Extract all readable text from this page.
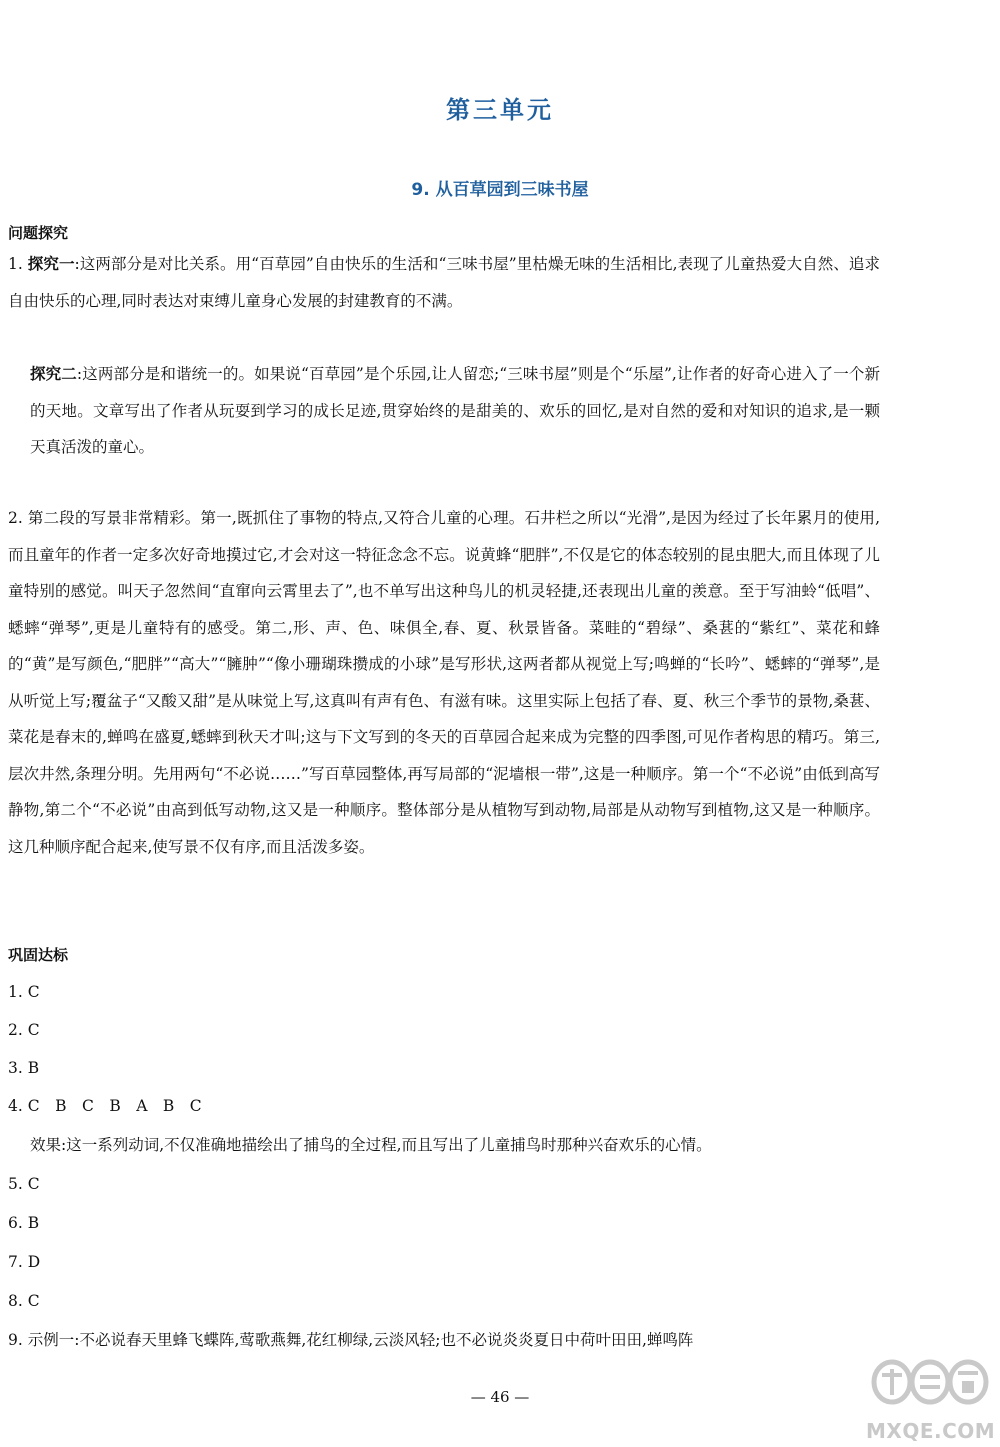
第三单元
9. 从百草园到三味书屋
问题探究

1. 探究一:这两部分是对比关系。用“百草园”自由快乐的生活和“三味书屋”里枯燥无味的生活相比,表现了儿童热爱大自然、追求自由快乐的心理,同时表达对束缚儿童身心发展的封建教育的不满。

探究二:这两部分是和谐统一的。如果说“百草园”是个乐园,让人留恋;“三味书屋”则是个“乐屋”,让作者的好奇心进入了一个新的天地。文章写出了作者从玩耍到学习的成长足迹,贯穿始终的是甜美的、欢乐的回忆,是对自然的爱和对知识的追求,是一颗天真活泼的童心。

2. 第二段的写景非常精彩。第一,既抓住了事物的特点,又符合儿童的心理。石井栏之所以“光滑”,是因为经过了长年累月的使用,而且童年的作者一定多次好奇地摸过它,才会对这一特征念念不忘。说黄蜂“肥胖”,不仅是它的体态较别的昆虫肥大,而且体现了儿童特别的感觉。叫天子忽然间“直窜向云霄里去了”,也不单写出这种鸟儿的机灵轻捷,还表现出儿童的羡意。至于写油蛉“低唱”、蟋蟀“弹琴”,更是儿童特有的感受。第二,形、声、色、味俱全,春、夏、秋景皆备。菜畦的“碧绿”、桑葚的“紫红”、菜花和蜂的“黄”是写颜色,“肥胖”“高大”“臃肿”“像小珊瑚珠攒成的小球”是写形状,这两者都从视觉上写;鸣蝉的“长吟”、蟋蟀的“弹琴”,是从听觉上写;覆盆子“又酸又甜”是从味觉上写,这真叫有声有色、有滋有味。这里实际上包括了春、夏、秋三个季节的景物,桑葚、菜花是春末的,蝉鸣在盛夏,蟋蟀到秋天才叫;这与下文写到的冬天的百草园合起来成为完整的四季图,可见作者构思的精巧。第三,层次井然,条理分明。先用两句“不必说……”写百草园整体,再写局部的“泥墙根一带”,这是一种顺序。第一个“不必说”由低到高写静物,第二个“不必说”由高到低写动物,这又是一种顺序。整体部分是从植物写到动物,局部是从动物写到植物,这又是一种顺序。这几种顺序配合起来,使写景不仅有序,而且活泼多姿。

巩固达标
1. C
2. C
3. B
4. C　B　C　B　A　B　C
效果:这一系列动词,不仅准确地描绘出了捕鸟的全过程,而且写出了儿童捕鸟时那种兴奋欢乐的心情。
5. C
6. B
7. D
8. C
9. 示例一:不必说春天里蜂飞蝶阵,莺歌燕舞,花红柳绿,云淡风轻;也不必说炎炎夏日中荷叶田田,蝉鸣阵
— 46 —
MXQE.COM
